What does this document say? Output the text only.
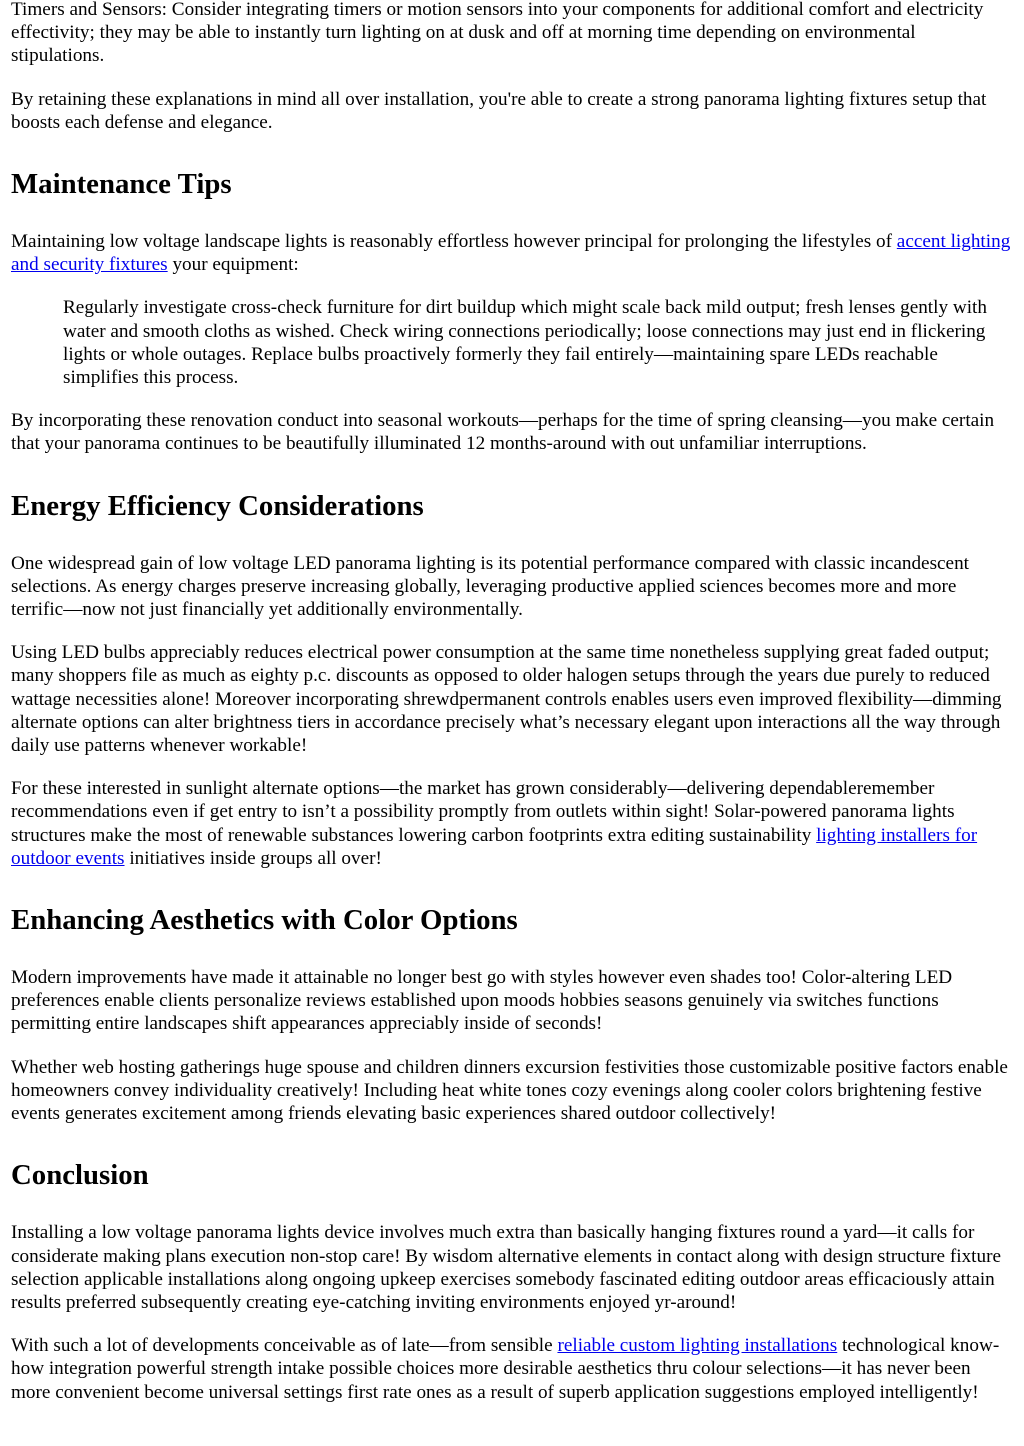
Timers and Sensors: Consider integrating timers or motion sensors into your components for additional comfort and electricity effectivity; they may be able to instantly turn lighting on at dusk and off at morning time depending on environmental stipulations.

By retaining these explanations in mind all over installation, you're able to create a strong panorama lighting fixtures setup that boosts each defense and elegance.

Maintenance Tips

Maintaining low voltage landscape lights is reasonably effortless however principal for prolonging the lifestyles of accent lighting and security fixtures your equipment:

Regularly investigate cross-check furniture for dirt buildup which might scale back mild output; fresh lenses gently with water and smooth cloths as wished. Check wiring connections periodically; loose connections may just end in flickering lights or whole outages. Replace bulbs proactively formerly they fail entirely—maintaining spare LEDs reachable simplifies this process.

By incorporating these renovation conduct into seasonal workouts—perhaps for the time of spring cleansing—you make certain that your panorama continues to be beautifully illuminated 12 months-around with out unfamiliar interruptions.

Energy Efficiency Considerations

One widespread gain of low voltage LED panorama lighting is its potential performance compared with classic incandescent selections. As energy charges preserve increasing globally, leveraging productive applied sciences becomes more and more terrific—now not just financially yet additionally environmentally.

Using LED bulbs appreciably reduces electrical power consumption at the same time nonetheless supplying great faded output; many shoppers file as much as eighty p.c. discounts as opposed to older halogen setups through the years due purely to reduced wattage necessities alone! Moreover incorporating shrewdpermanent controls enables users even improved flexibility—dimming alternate options can alter brightness tiers in accordance precisely what’s necessary elegant upon interactions all the way through daily use patterns whenever workable!

For these interested in sunlight alternate options—the market has grown considerably—delivering dependableremember recommendations even if get entry to isn’t a possibility promptly from outlets within sight! Solar-powered panorama lights structures make the most of renewable substances lowering carbon footprints extra editing sustainability lighting installers for outdoor events initiatives inside groups all over!

Enhancing Aesthetics with Color Options

Modern improvements have made it attainable no longer best go with styles however even shades too! Color-altering LED preferences enable clients personalize reviews established upon moods hobbies seasons genuinely via switches functions permitting entire landscapes shift appearances appreciably inside of seconds!

Whether web hosting gatherings huge spouse and children dinners excursion festivities those customizable positive factors enable homeowners convey individuality creatively! Including heat white tones cozy evenings along cooler colors brightening festive events generates excitement among friends elevating basic experiences shared outdoor collectively!

Conclusion

Installing a low voltage panorama lights device involves much extra than basically hanging fixtures round a yard—it calls for considerate making plans execution non-stop care! By wisdom alternative elements in contact along with design structure fixture selection applicable installations along ongoing upkeep exercises somebody fascinated editing outdoor areas efficaciously attain results preferred subsequently creating eye-catching inviting environments enjoyed yr-around!

With such a lot of developments conceivable as of late—from sensible reliable custom lighting installations technological know-how integration powerful strength intake possible choices more desirable aesthetics thru colour selections—it has never been more convenient become universal settings first rate ones as a result of superb application suggestions employed intelligently!
